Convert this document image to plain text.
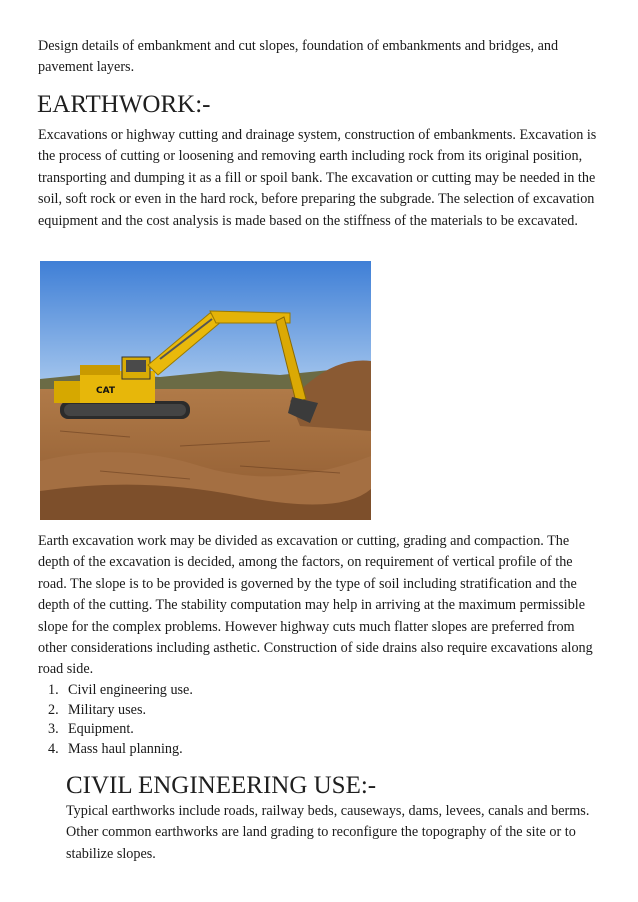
Design details of embankment and cut slopes, foundation of embankments and bridges, and pavement layers.

EARTHWORK:-

Excavations or highway cutting and drainage system, construction of embankments. Excavation is the process of cutting or loosening and removing earth including rock from its original position, transporting and dumping it as a fill or spoil bank. The excavation or cutting may be needed in the soil, soft rock or even in the hard rock, before preparing the subgrade. The selection of excavation equipment and the cost analysis is made based on the stiffness of the materials to be excavated.

CAT

Earth excavation work may be divided as excavation or cutting, grading and compaction. The depth of the excavation is decided, among the factors, on requirement of vertical profile of the road. The slope is to be provided is governed by the type of soil including stratification and the depth of the cutting. The stability computation may help in arriving at the maximum permissible slope for the complex problems. However highway cuts much flatter slopes are preferred from other considerations including asthetic. Construction of side drains also require excavations along road side.

1. Civil engineering use.
2. Military uses.
3. Equipment.
4. Mass haul planning.
CIVIL ENGINEERING USE:-

Typical earthworks include roads, railway beds, causeways, dams, levees, canals and berms. Other common earthworks are land grading to reconfigure the topography of the site or to stabilize slopes.
